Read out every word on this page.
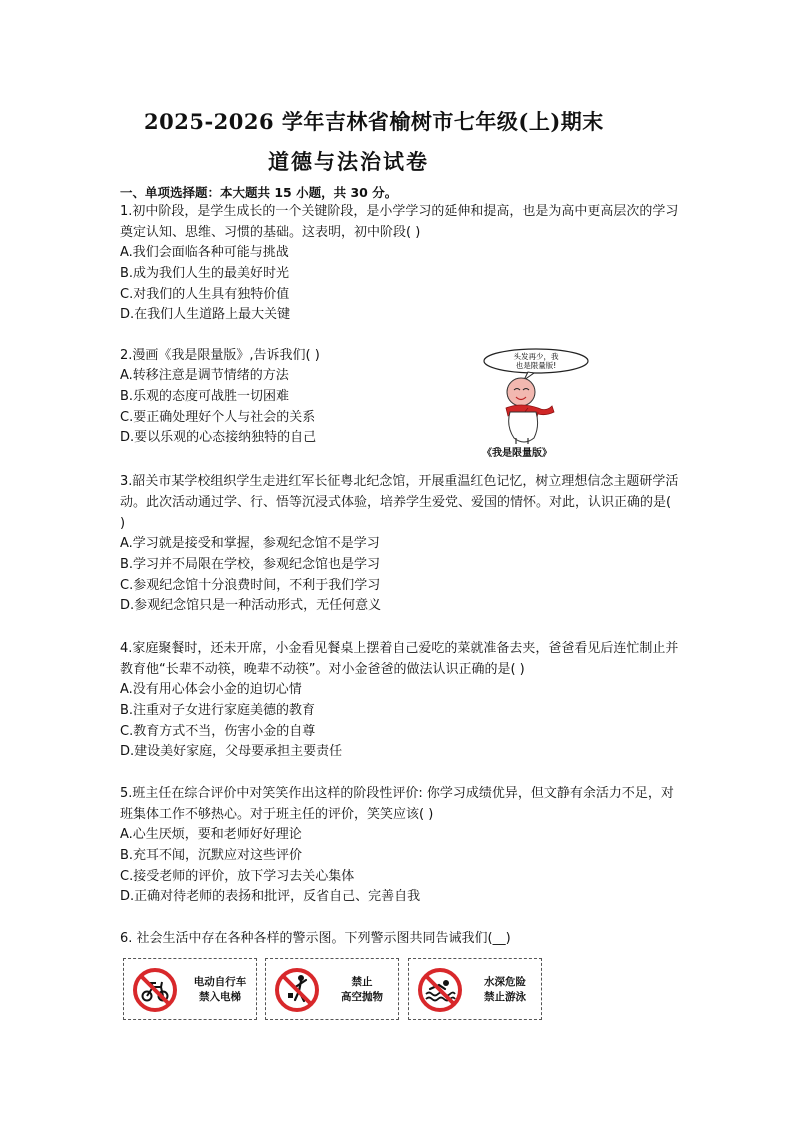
2025-2026 学年吉林省榆树市七年级(上)期末
道德与法治试卷
一、单项选择题：本大题共 15 小题，共 30 分。
1.初中阶段，是学生成长的一个关键阶段，是小学学习的延伸和提高，也是为高中更高层次的学习奠定认知、思维、习惯的基础。这表明，初中阶段( )
A.我们会面临各种可能与挑战
B.成为我们人生的最美好时光
C.对我们的人生具有独特价值
D.在我们人生道路上最大关键
2.漫画《我是限量版》,告诉我们( )
A.转移注意是调节情绪的方法
B.乐观的态度可战胜一切困难
C.要正确处理好个人与社会的关系
D.要以乐观的心态接纳独特的自己
头发再少，我
也是限量版!
《我是限量版》
3.韶关市某学校组织学生走进红军长征粤北纪念馆，开展重温红色记忆，树立理想信念主题研学活动。此次活动通过学、行、悟等沉浸式体验，培养学生爱党、爱国的情怀。对此，认识正确的是( )
A.学习就是接受和掌握，参观纪念馆不是学习
B.学习并不局限在学校，参观纪念馆也是学习
C.参观纪念馆十分浪费时间，不利于我们学习
D.参观纪念馆只是一种活动形式，无任何意义
4.家庭聚餐时，还未开席，小金看见餐桌上摆着自己爱吃的菜就准备去夹，爸爸看见后连忙制止并教育他“长辈不动筷，晚辈不动筷”。对小金爸爸的做法认识正确的是( )
A.没有用心体会小金的迫切心情
B.注重对子女进行家庭美德的教育
C.教育方式不当，伤害小金的自尊
D.建设美好家庭，父母要承担主要责任
5.班主任在综合评价中对笑笑作出这样的阶段性评价: 你学习成绩优异，但文静有余活力不足，对班集体工作不够热心。对于班主任的评价，笑笑应该( )
A.心生厌烦，要和老师好好理论
B.充耳不闻，沉默应对这些评价
C.接受老师的评价，放下学习去关心集体
D.正确对待老师的表扬和批评，反省自己、完善自我
6. 社会生活中存在各种各样的警示图。下列警示图共同告诫我们(__)
电动自行车
禁入电梯
禁止
高空抛物
水深危险
禁止游泳
